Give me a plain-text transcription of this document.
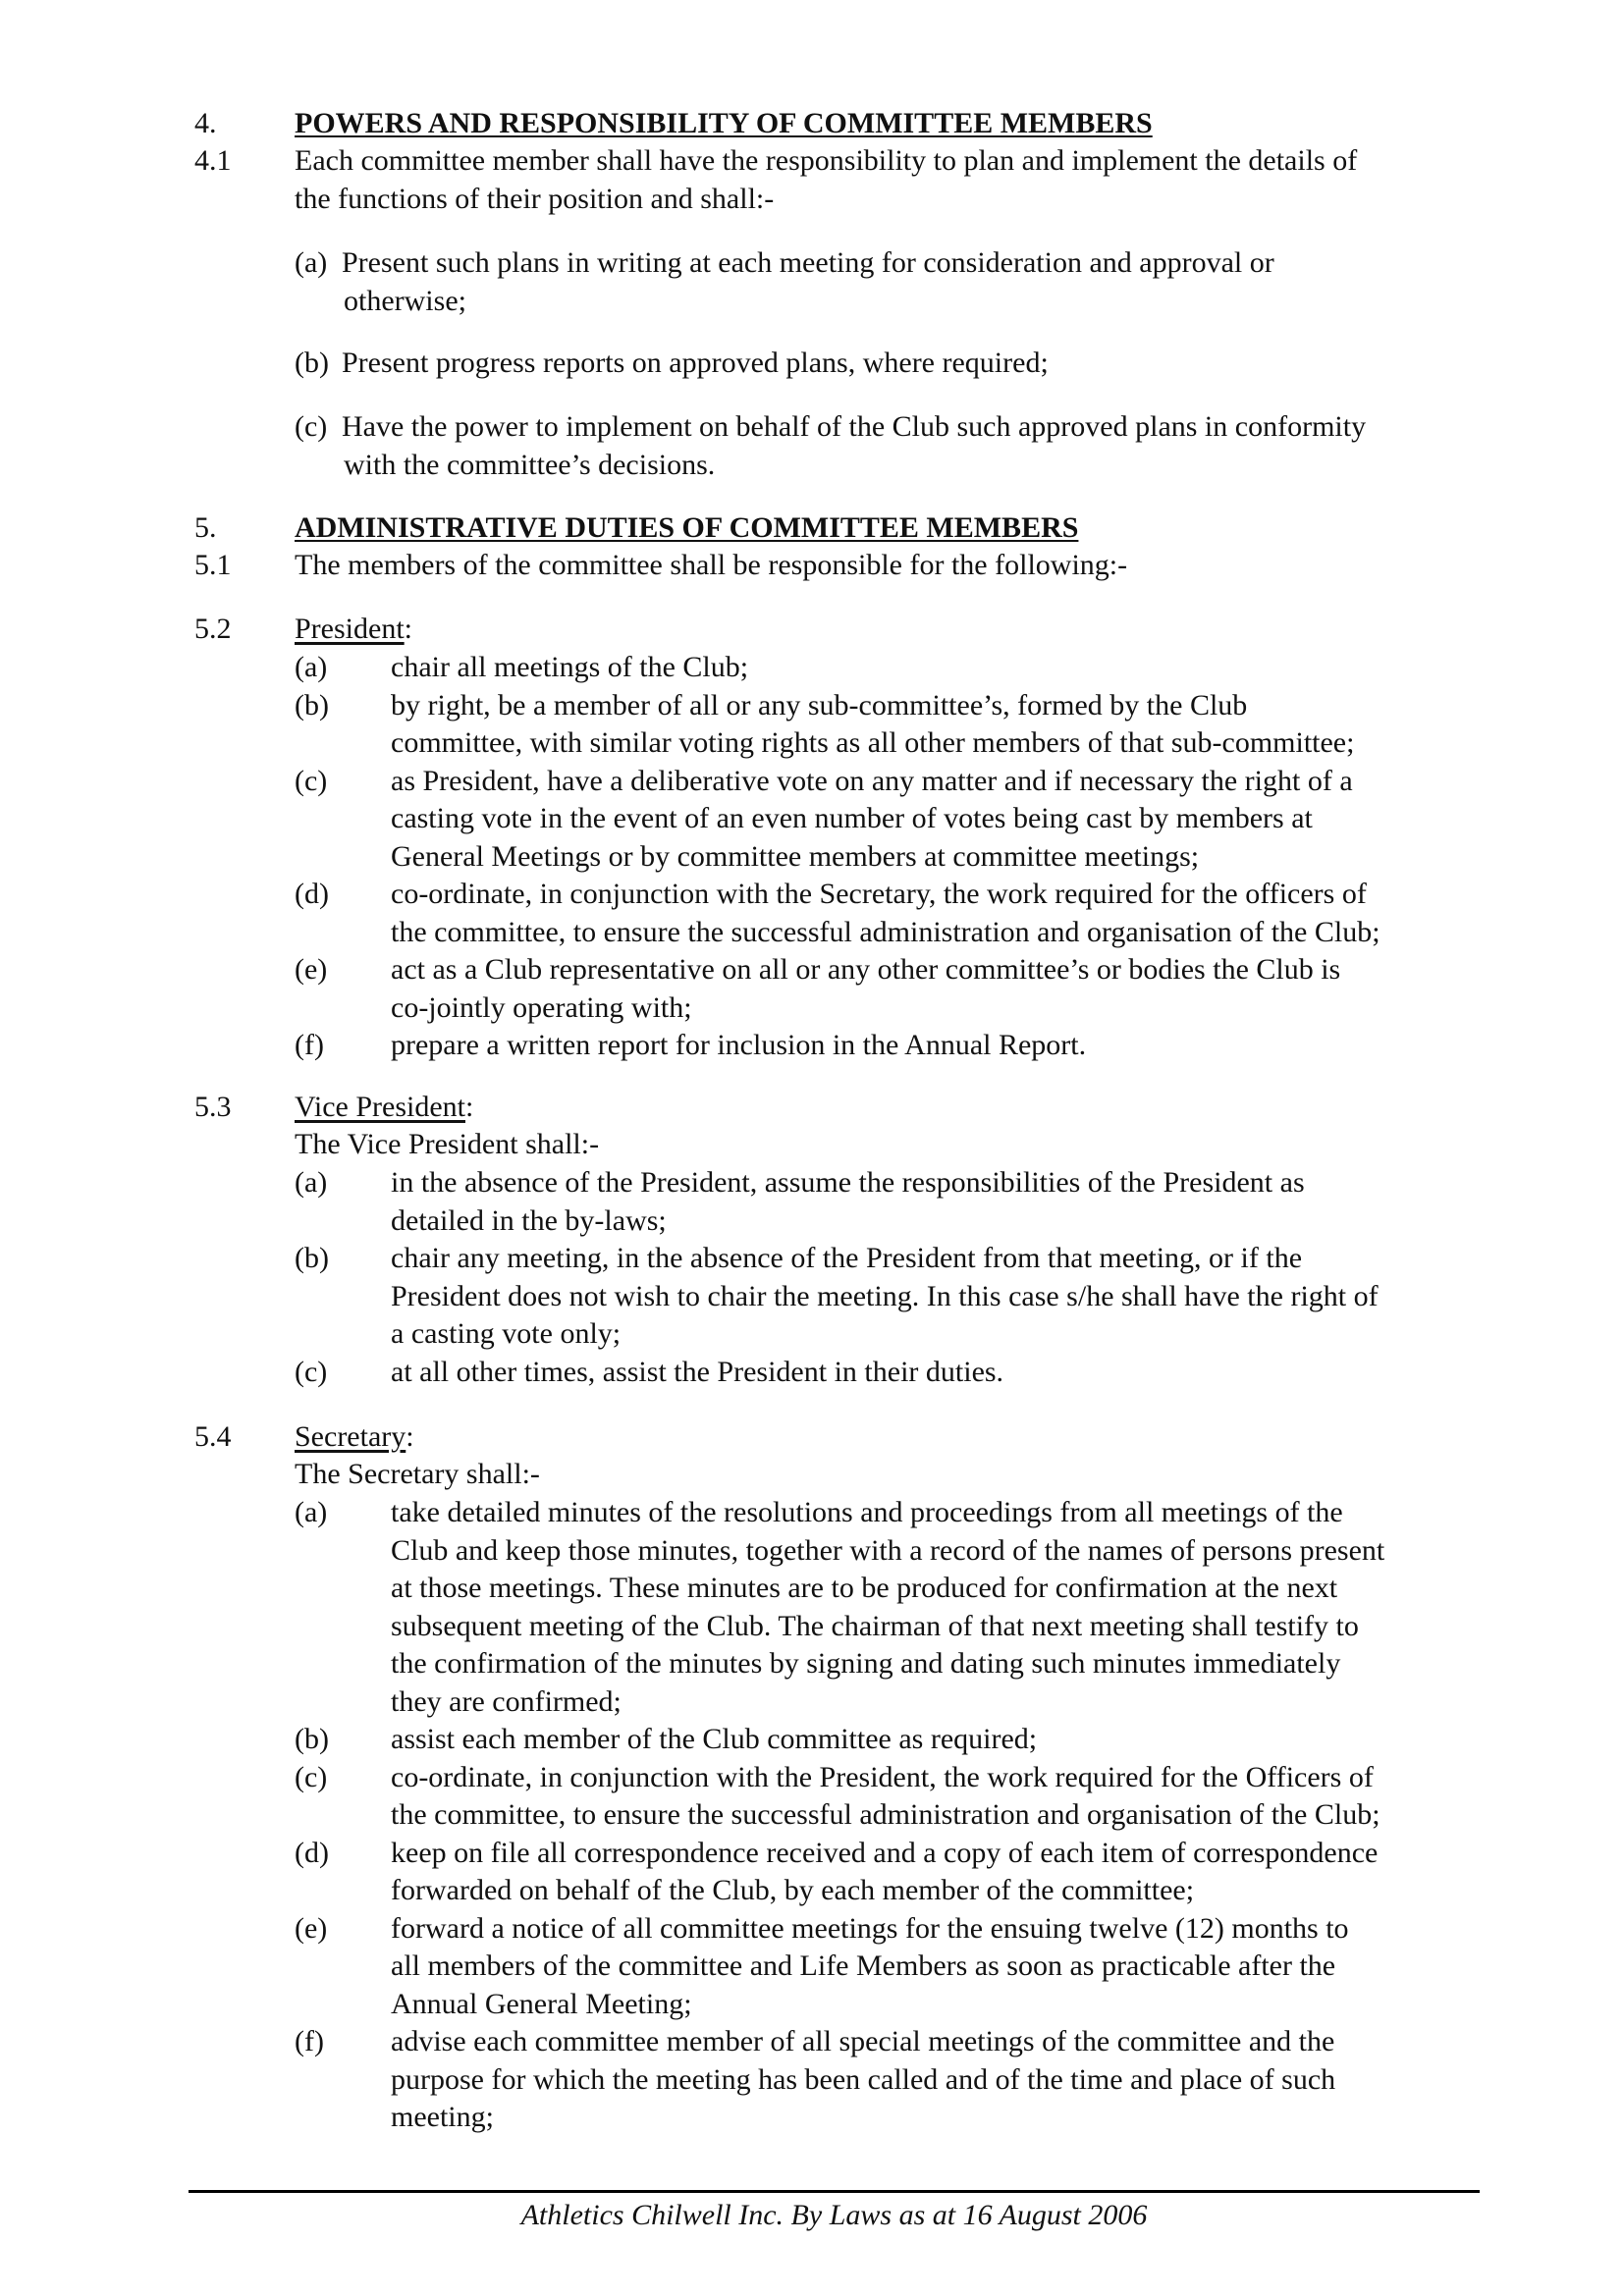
4.	POWERS AND RESPONSIBILITY OF COMMITTEE MEMBERS
4.1 Each committee member shall have the responsibility to plan and implement the details of
the functions of their position and shall:-
(a) Present such plans in writing at each meeting for consideration and approval or
otherwise;
(b) Present progress reports on approved plans, where required;
(c) Have the power to implement on behalf of the Club such approved plans in conformity
with the committee’s decisions.
5.	ADMINISTRATIVE DUTIES OF COMMITTEE MEMBERS
5.1 The members of the committee shall be responsible for the following:-
5.2 President:
(a) chair all meetings of the Club;
(b) by right, be a member of all or any sub-committee’s, formed by the Club
committee, with similar voting rights as all other members of that sub-committee;
(c) as President, have a deliberative vote on any matter and if necessary the right of a
casting vote in the event of an even number of votes being cast by members at
General Meetings or by committee members at committee meetings;
(d) co-ordinate, in conjunction with the Secretary, the work required for the officers of
the committee, to ensure the successful administration and organisation of the Club;
(e) act as a Club representative on all or any other committee’s or bodies the Club is
co-jointly operating with;
(f) prepare a written report for inclusion in the Annual Report.
5.3 Vice President:
The Vice President shall:-
(a) in the absence of the President, assume the responsibilities of the President as
detailed in the by-laws;
(b) chair any meeting, in the absence of the President from that meeting, or if the
President does not wish to chair the meeting. In this case s/he shall have the right of
a casting vote only;
(c) at all other times, assist the President in their duties.
5.4 Secretary:
The Secretary shall:-
(a) take detailed minutes of the resolutions and proceedings from all meetings of the
Club and keep those minutes, together with a record of the names of persons present
at those meetings. These minutes are to be produced for confirmation at the next
subsequent meeting of the Club. The chairman of that next meeting shall testify to
the confirmation of the minutes by signing and dating such minutes immediately
they are confirmed;
(b) assist each member of the Club committee as required;
(c) co-ordinate, in conjunction with the President, the work required for the Officers of
the committee, to ensure the successful administration and organisation of the Club;
(d) keep on file all correspondence received and a copy of each item of correspondence
forwarded on behalf of the Club, by each member of the committee;
(e) forward a notice of all committee meetings for the ensuing twelve (12) months to
all members of the committee and Life Members as soon as practicable after the
Annual General Meeting;
(f) advise each committee member of all special meetings of the committee and the
purpose for which the meeting has been called and of the time and place of such
meeting;
Athletics Chilwell Inc. By Laws as at 16 August 2006
